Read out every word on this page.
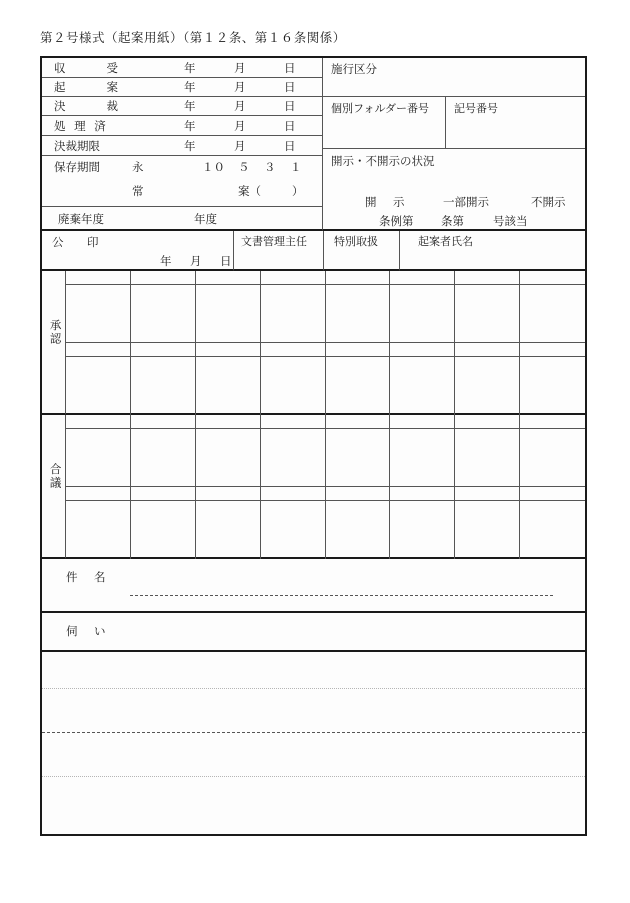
第２号様式（起案用紙）（第１２条、第１６条関係）
収　　受	年	月	日
起　　案	年	月	日
決　　裁	年	月	日
処 理 済	年	月	日
決裁期限	年	月	日
保存期間	永	１０ ５ ３ １
常	案（	）
廃棄年度	年度
施行区分
個別フォルダー番号 記号番号
開示・不開示の状況
開　示	一部開示	不開示
条例第 条第	号該当
公　印
年 月 日
文書管理主任 特別取扱	起案者氏名
承認
合議
件　名
伺　い
